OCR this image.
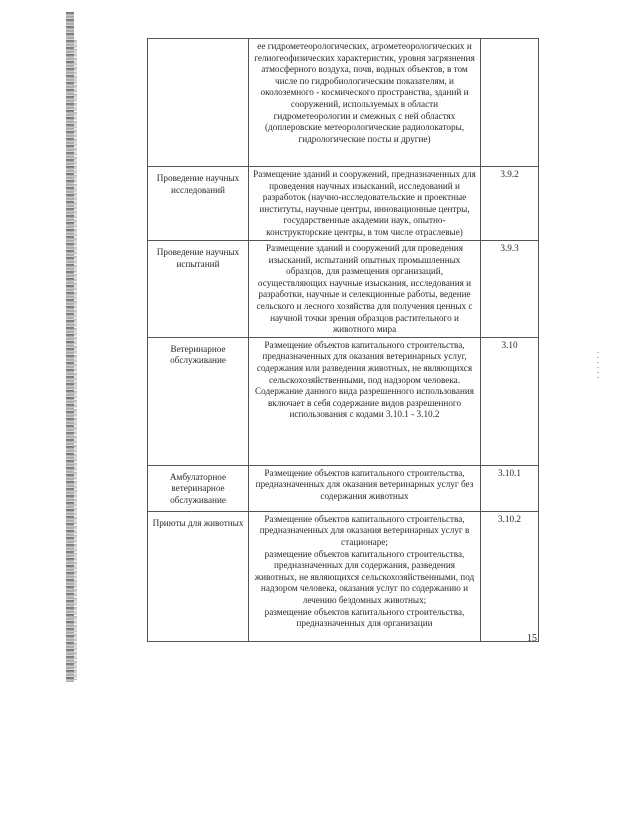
	ее гидрометеорологических, агрометеорологических и гелиогеофизических характеристик, уровня загрязнения атмосферного воздуха, почв, водных объектов, в том числе по гидробиологическим показателям, и околоземного - космического пространства, зданий и сооружений, используемых в области гидрометеорологии и смежных с ней областях (доплеровские метеорологические радиолокаторы, гидрологические посты и другие)	
Проведение научных исследований	Размещение зданий и сооружений, предназначенных для проведения научных изысканий, исследований и разработок (научно-исследовательские и проектные институты, научные центры, инновационные центры, государственные академии наук, опытно-конструкторские центры, в том числе отраслевые)	3.9.2
Проведение научных испытаний	Размещение зданий и сооружений для проведения изысканий, испытаний опытных промышленных образцов, для размещения организаций, осуществляющих научные изыскания, исследования и разработки, научные и селекционные работы, ведение сельского и лесного хозяйства для получения ценных с научной точки зрения образцов растительного и животного мира	3.9.3
Ветеринарное обслуживание	Размещение объектов капитального строительства, предназначенных для оказания ветеринарных услуг, содержания или разведения животных, не являющихся сельскохозяйственными, под надзором человека. Содержание данного вида разрешенного использования включает в себя содержание видов разрешенного использования с кодами 3.10.1 - 3.10.2	3.10
Амбулаторное ветеринарное обслуживание	Размещение объектов капитального строительства, предназначенных для оказания ветеринарных услуг без содержания животных	3.10.1
Приюты для животных	Размещение объектов капитального строительства, предназначенных для оказания ветеринарных услуг в стационаре;
размещение объектов капитального строительства, предназначенных для содержания, разведения животных, не являющихся сельскохозяйственными, под надзором человека, оказания услуг по содержанию и лечению бездомных животных;
размещение объектов капитального строительства, предназначенных для организации	3.10.2
15
